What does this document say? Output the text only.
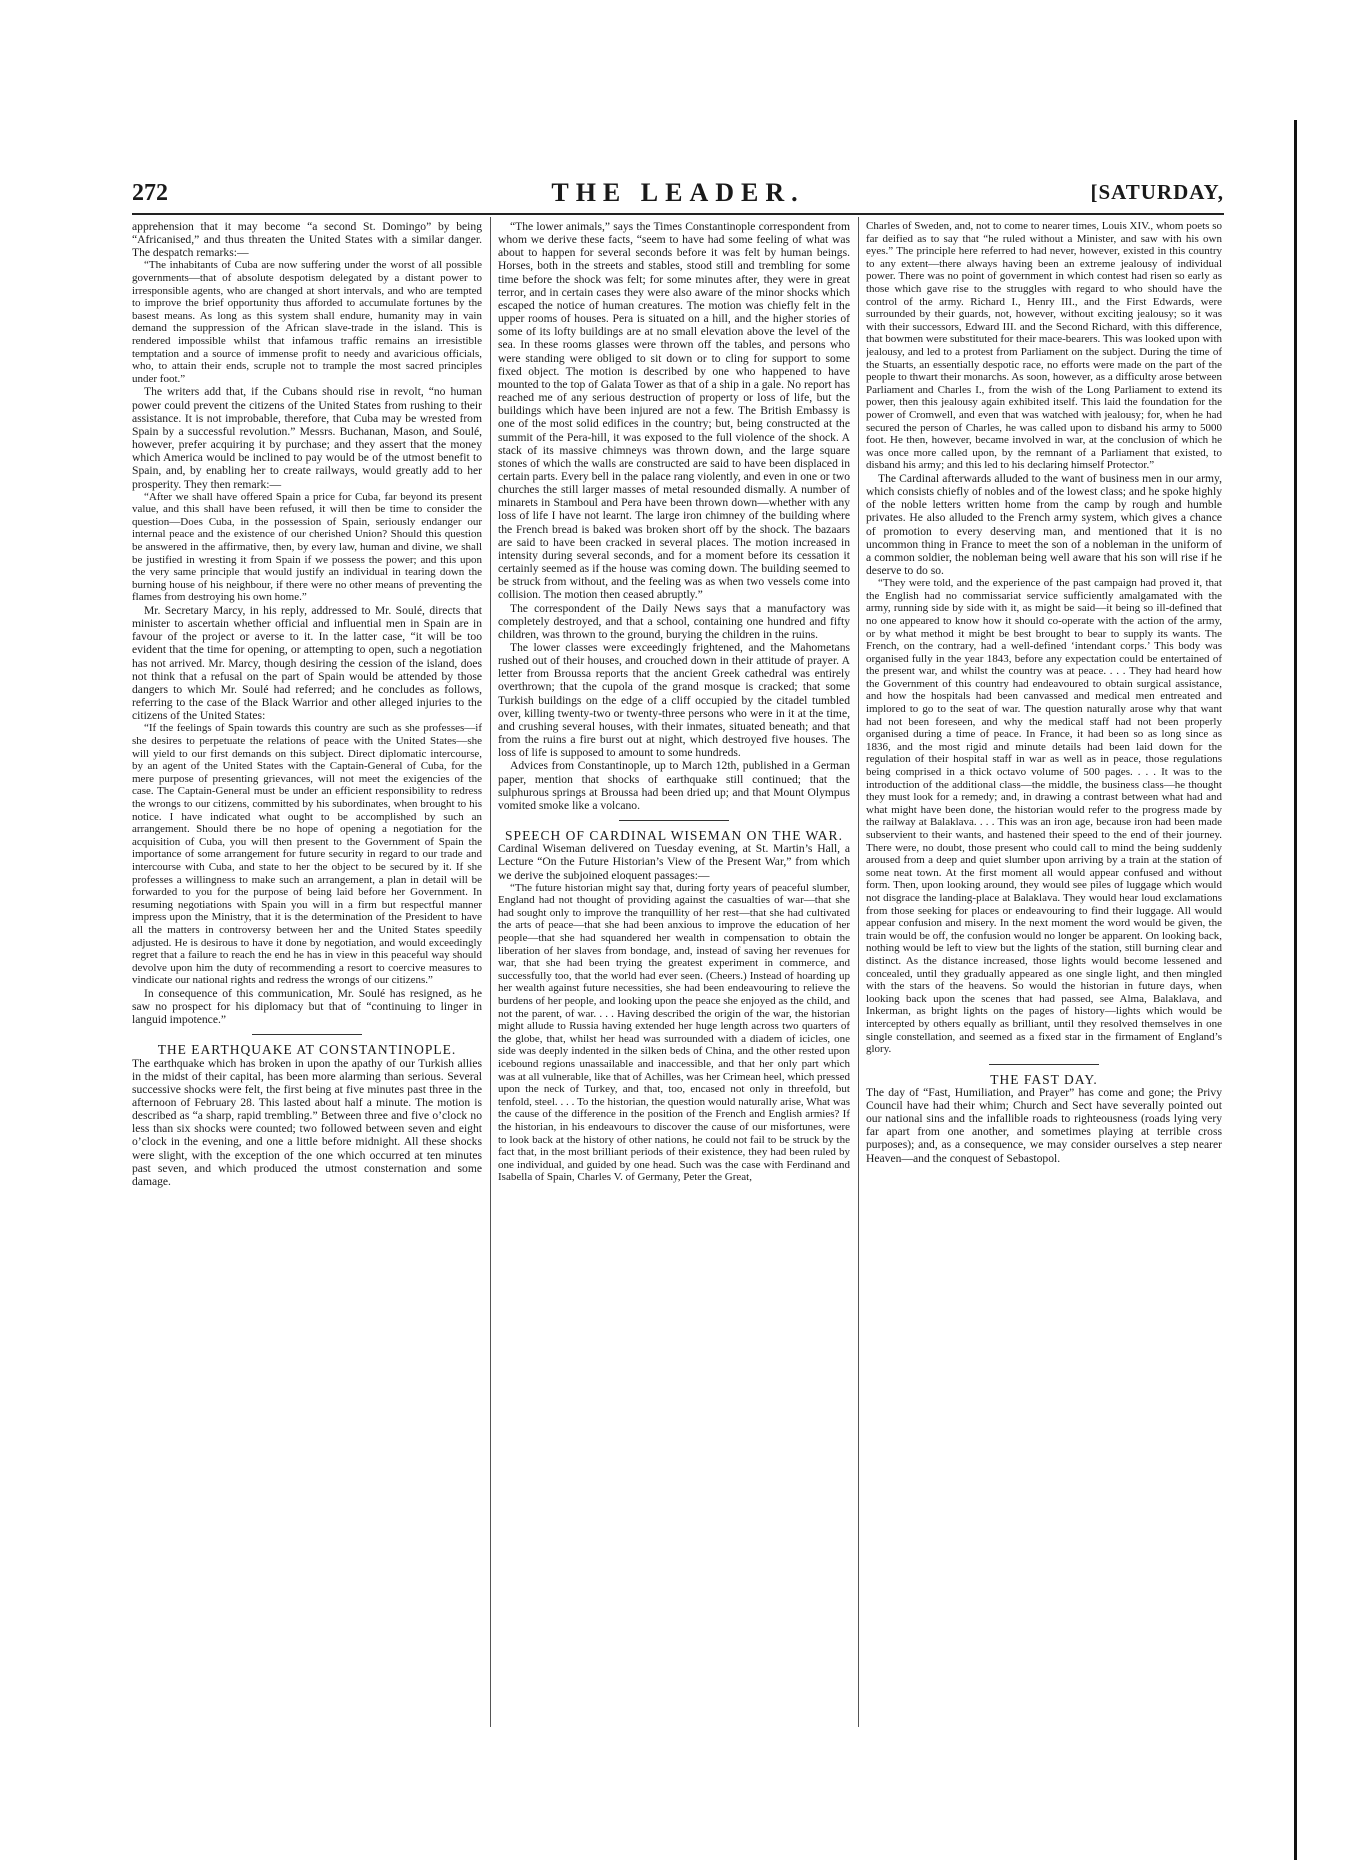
272	THE LEADER.	[SATURDAY,

apprehension that it may become “a second St. Domingo” by being “Africanised,” and thus threaten the United States with a similar danger. The despatch remarks:—

“The inhabitants of Cuba are now suffering under the worst of all possible governments—that of absolute despotism delegated by a distant power to irresponsible agents, who are changed at short intervals, and who are tempted to improve the brief opportunity thus afforded to accumulate fortunes by the basest means. As long as this system shall endure, humanity may in vain demand the suppression of the African slave-trade in the island. This is rendered impossible whilst that infamous traffic remains an irresistible temptation and a source of immense profit to needy and avaricious officials, who, to attain their ends, scruple not to trample the most sacred principles under foot.”

The writers add that, if the Cubans should rise in revolt, “no human power could prevent the citizens of the United States from rushing to their assistance. It is not improbable, therefore, that Cuba may be wrested from Spain by a successful revolution.” Messrs. Buchanan, Mason, and Soulé, however, prefer acquiring it by purchase; and they assert that the money which America would be inclined to pay would be of the utmost benefit to Spain, and, by enabling her to create railways, would greatly add to her prosperity. They then remark:—

“After we shall have offered Spain a price for Cuba, far beyond its present value, and this shall have been refused, it will then be time to consider the question—Does Cuba, in the possession of Spain, seriously endanger our internal peace and the existence of our cherished Union? Should this question be answered in the affirmative, then, by every law, human and divine, we shall be justified in wresting it from Spain if we possess the power; and this upon the very same principle that would justify an individual in tearing down the burning house of his neighbour, if there were no other means of preventing the flames from destroying his own home.”

Mr. Secretary Marcy, in his reply, addressed to Mr. Soulé, directs that minister to ascertain whether official and influential men in Spain are in favour of the project or averse to it. In the latter case, “it will be too evident that the time for opening, or attempting to open, such a negotiation has not arrived. Mr. Marcy, though desiring the cession of the island, does not think that a refusal on the part of Spain would be attended by those dangers to which Mr. Soulé had referred; and he concludes as follows, referring to the case of the Black Warrior and other alleged injuries to the citizens of the United States:

“If the feelings of Spain towards this country are such as she professes—if she desires to perpetuate the relations of peace with the United States—she will yield to our first demands on this subject. Direct diplomatic intercourse, by an agent of the United States with the Captain-General of Cuba, for the mere purpose of presenting grievances, will not meet the exigencies of the case. The Captain-General must be under an efficient responsibility to redress the wrongs to our citizens, committed by his subordinates, when brought to his notice. I have indicated what ought to be accomplished by such an arrangement. Should there be no hope of opening a negotiation for the acquisition of Cuba, you will then present to the Government of Spain the importance of some arrangement for future security in regard to our trade and intercourse with Cuba, and state to her the object to be secured by it. If she professes a willingness to make such an arrangement, a plan in detail will be forwarded to you for the purpose of being laid before her Government. In resuming negotiations with Spain you will in a firm but respectful manner impress upon the Ministry, that it is the determination of the President to have all the matters in controversy between her and the United States speedily adjusted. He is desirous to have it done by negotiation, and would exceedingly regret that a failure to reach the end he has in view in this peaceful way should devolve upon him the duty of recommending a resort to coercive measures to vindicate our national rights and redress the wrongs of our citizens.”

In consequence of this communication, Mr. Soulé has resigned, as he saw no prospect for his diplomacy but that of “continuing to linger in languid impotence.”

THE EARTHQUAKE AT CONSTANTINOPLE.

The earthquake which has broken in upon the apathy of our Turkish allies in the midst of their capital, has been more alarming than serious. Several successive shocks were felt, the first being at five minutes past three in the afternoon of February 28. This lasted about half a minute. The motion is described as “a sharp, rapid trembling.” Between three and five o’clock no less than six shocks were counted; two followed between seven and eight o’clock in the evening, and one a little before midnight. All these shocks were slight, with the exception of the one which occurred at ten minutes past seven, and which produced the utmost consternation and some damage.

“The lower animals,” says the Times Constantinople correspondent from whom we derive these facts, “seem to have had some feeling of what was about to happen for several seconds before it was felt by human beings. Horses, both in the streets and stables, stood still and trembling for some time before the shock was felt; for some minutes after, they were in great terror, and in certain cases they were also aware of the minor shocks which escaped the notice of human creatures. The motion was chiefly felt in the upper rooms of houses. Pera is situated on a hill, and the higher stories of some of its lofty buildings are at no small elevation above the level of the sea. In these rooms glasses were thrown off the tables, and persons who were standing were obliged to sit down or to cling for support to some fixed object. The motion is described by one who happened to have mounted to the top of Galata Tower as that of a ship in a gale. No report has reached me of any serious destruction of property or loss of life, but the buildings which have been injured are not a few. The British Embassy is one of the most solid edifices in the country; but, being constructed at the summit of the Pera-hill, it was exposed to the full violence of the shock. A stack of its massive chimneys was thrown down, and the large square stones of which the walls are constructed are said to have been displaced in certain parts. Every bell in the palace rang violently, and even in one or two churches the still larger masses of metal resounded dismally. A number of minarets in Stamboul and Pera have been thrown down—whether with any loss of life I have not learnt. The large iron chimney of the building where the French bread is baked was broken short off by the shock. The bazaars are said to have been cracked in several places. The motion increased in intensity during several seconds, and for a moment before its cessation it certainly seemed as if the house was coming down. The building seemed to be struck from without, and the feeling was as when two vessels come into collision. The motion then ceased abruptly.”

The correspondent of the Daily News says that a manufactory was completely destroyed, and that a school, containing one hundred and fifty children, was thrown to the ground, burying the children in the ruins.

The lower classes were exceedingly frightened, and the Mahometans rushed out of their houses, and crouched down in their attitude of prayer. A letter from Broussa reports that the ancient Greek cathedral was entirely overthrown; that the cupola of the grand mosque is cracked; that some Turkish buildings on the edge of a cliff occupied by the citadel tumbled over, killing twenty-two or twenty-three persons who were in it at the time, and crushing several houses, with their inmates, situated beneath; and that from the ruins a fire burst out at night, which destroyed five houses. The loss of life is supposed to amount to some hundreds.

Advices from Constantinople, up to March 12th, published in a German paper, mention that shocks of earthquake still continued; that the sulphurous springs at Broussa had been dried up; and that Mount Olympus vomited smoke like a volcano.

SPEECH OF CARDINAL WISEMAN ON THE WAR.

Cardinal Wiseman delivered on Tuesday evening, at St. Martin’s Hall, a Lecture “On the Future Historian’s View of the Present War,” from which we derive the subjoined eloquent passages:—

“The future historian might say that, during forty years of peaceful slumber, England had not thought of providing against the casualties of war—that she had sought only to improve the tranquillity of her rest—that she had cultivated the arts of peace—that she had been anxious to improve the education of her people—that she had squandered her wealth in compensation to obtain the liberation of her slaves from bondage, and, instead of saving her revenues for war, that she had been trying the greatest experiment in commerce, and successfully too, that the world had ever seen. (Cheers.) Instead of hoarding up her wealth against future necessities, she had been endeavouring to relieve the burdens of her people, and looking upon the peace she enjoyed as the child, and not the parent, of war. . . . Having described the origin of the war, the historian might allude to Russia having extended her huge length across two quarters of the globe, that, whilst her head was surrounded with a diadem of icicles, one side was deeply indented in the silken beds of China, and the other rested upon icebound regions unassailable and inaccessible, and that her only part which was at all vulnerable, like that of Achilles, was her Crimean heel, which pressed upon the neck of Turkey, and that, too, encased not only in threefold, but tenfold, steel. . . . To the historian, the question would naturally arise, What was the cause of the difference in the position of the French and English armies? If the historian, in his endeavours to discover the cause of our misfortunes, were to look back at the history of other nations, he could not fail to be struck by the fact that, in the most brilliant periods of their existence, they had been ruled by one individual, and guided by one head. Such was the case with Ferdinand and Isabella of Spain, Charles V. of Germany, Peter the Great,

Charles of Sweden, and, not to come to nearer times, Louis XIV., whom poets so far deified as to say that “he ruled without a Minister, and saw with his own eyes.” The principle here referred to had never, however, existed in this country to any extent—there always having been an extreme jealousy of individual power. There was no point of government in which contest had risen so early as those which gave rise to the struggles with regard to who should have the control of the army. Richard I., Henry III., and the First Edwards, were surrounded by their guards, not, however, without exciting jealousy; so it was with their successors, Edward III. and the Second Richard, with this difference, that bowmen were substituted for their mace-bearers. This was looked upon with jealousy, and led to a protest from Parliament on the subject. During the time of the Stuarts, an essentially despotic race, no efforts were made on the part of the people to thwart their monarchs. As soon, however, as a difficulty arose between Parliament and Charles I., from the wish of the Long Parliament to extend its power, then this jealousy again exhibited itself. This laid the foundation for the power of Cromwell, and even that was watched with jealousy; for, when he had secured the person of Charles, he was called upon to disband his army to 5000 foot. He then, however, became involved in war, at the conclusion of which he was once more called upon, by the remnant of a Parliament that existed, to disband his army; and this led to his declaring himself Protector.”

The Cardinal afterwards alluded to the want of business men in our army, which consists chiefly of nobles and of the lowest class; and he spoke highly of the noble letters written home from the camp by rough and humble privates. He also alluded to the French army system, which gives a chance of promotion to every deserving man, and mentioned that it is no uncommon thing in France to meet the son of a nobleman in the uniform of a common soldier, the nobleman being well aware that his son will rise if he deserve to do so.

“They were told, and the experience of the past campaign had proved it, that the English had no commissariat service sufficiently amalgamated with the army, running side by side with it, as might be said—it being so ill-defined that no one appeared to know how it should co-operate with the action of the army, or by what method it might be best brought to bear to supply its wants. The French, on the contrary, had a well-defined ‘intendant corps.’ This body was organised fully in the year 1843, before any expectation could be entertained of the present war, and whilst the country was at peace. . . . They had heard how the Government of this country had endeavoured to obtain surgical assistance, and how the hospitals had been canvassed and medical men entreated and implored to go to the seat of war. The question naturally arose why that want had not been foreseen, and why the medical staff had not been properly organised during a time of peace. In France, it had been so as long since as 1836, and the most rigid and minute details had been laid down for the regulation of their hospital staff in war as well as in peace, those regulations being comprised in a thick octavo volume of 500 pages. . . . It was to the introduction of the additional class—the middle, the business class—he thought they must look for a remedy; and, in drawing a contrast between what had and what might have been done, the historian would refer to the progress made by the railway at Balaklava. . . . This was an iron age, because iron had been made subservient to their wants, and hastened their speed to the end of their journey. There were, no doubt, those present who could call to mind the being suddenly aroused from a deep and quiet slumber upon arriving by a train at the station of some neat town. At the first moment all would appear confused and without form. Then, upon looking around, they would see piles of luggage which would not disgrace the landing-place at Balaklava. They would hear loud exclamations from those seeking for places or endeavouring to find their luggage. All would appear confusion and misery. In the next moment the word would be given, the train would be off, the confusion would no longer be apparent. On looking back, nothing would be left to view but the lights of the station, still burning clear and distinct. As the distance increased, those lights would become lessened and concealed, until they gradually appeared as one single light, and then mingled with the stars of the heavens. So would the historian in future days, when looking back upon the scenes that had passed, see Alma, Balaklava, and Inkerman, as bright lights on the pages of history—lights which would be intercepted by others equally as brilliant, until they resolved themselves in one single constellation, and seemed as a fixed star in the firmament of England’s glory.

THE FAST DAY.

The day of “Fast, Humiliation, and Prayer” has come and gone; the Privy Council have had their whim; Church and Sect have severally pointed out our national sins and the infallible roads to righteousness (roads lying very far apart from one another, and sometimes playing at terrible cross purposes); and, as a consequence, we may consider ourselves a step nearer Heaven—and the conquest of Sebastopol.
